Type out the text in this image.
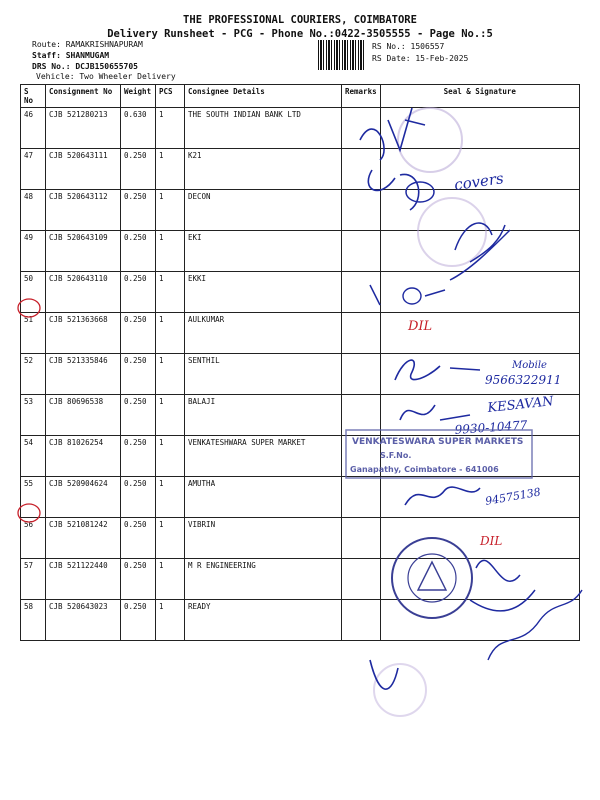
THE PROFESSIONAL COURIERS, COIMBATORE
Delivery Runsheet - PCG - Phone No.:0422-3505555 - Page No.:5
Route: RAMAKRISHNAPURAM
Staff: SHANMUGAM
DRS No.: DCJB150655705
Vehicle: Two Wheeler Delivery
RS No.: 1506557
RS Date: 15-Feb-2025
S No	Consignment No	Weight	PCS	Consignee Details	Remarks	Seal & Signature
46	CJB 521280213	0.630	1	THE SOUTH INDIAN BANK LTD		
47	CJB 520643111	0.250	1	K21		
48	CJB 520643112	0.250	1	DECON		
49	CJB 520643109	0.250	1	EKI		
50	CJB 520643110	0.250	1	EKKI		
51	CJB 521363668	0.250	1	AULKUMAR		
52	CJB 521335846	0.250	1	SENTHIL		
53	CJB 80696538	0.250	1	BALAJI		
54	CJB 81026254	0.250	1	VENKATESHWARA SUPER MARKET		
55	CJB 520904624	0.250	1	AMUTHA		
56	CJB 521081242	0.250	1	VIBRIN		
57	CJB 521122440	0.250	1	M R ENGINEERING		
58	CJB 520643023	0.250	1	READY		
covers
DIL
Mobile
9566322911
KESAVAN
9930-10477
VENKATESWARA SUPER MARKETS
S.F.No.
Ganapathy, Coimbatore - 641006
94575138
DIL
